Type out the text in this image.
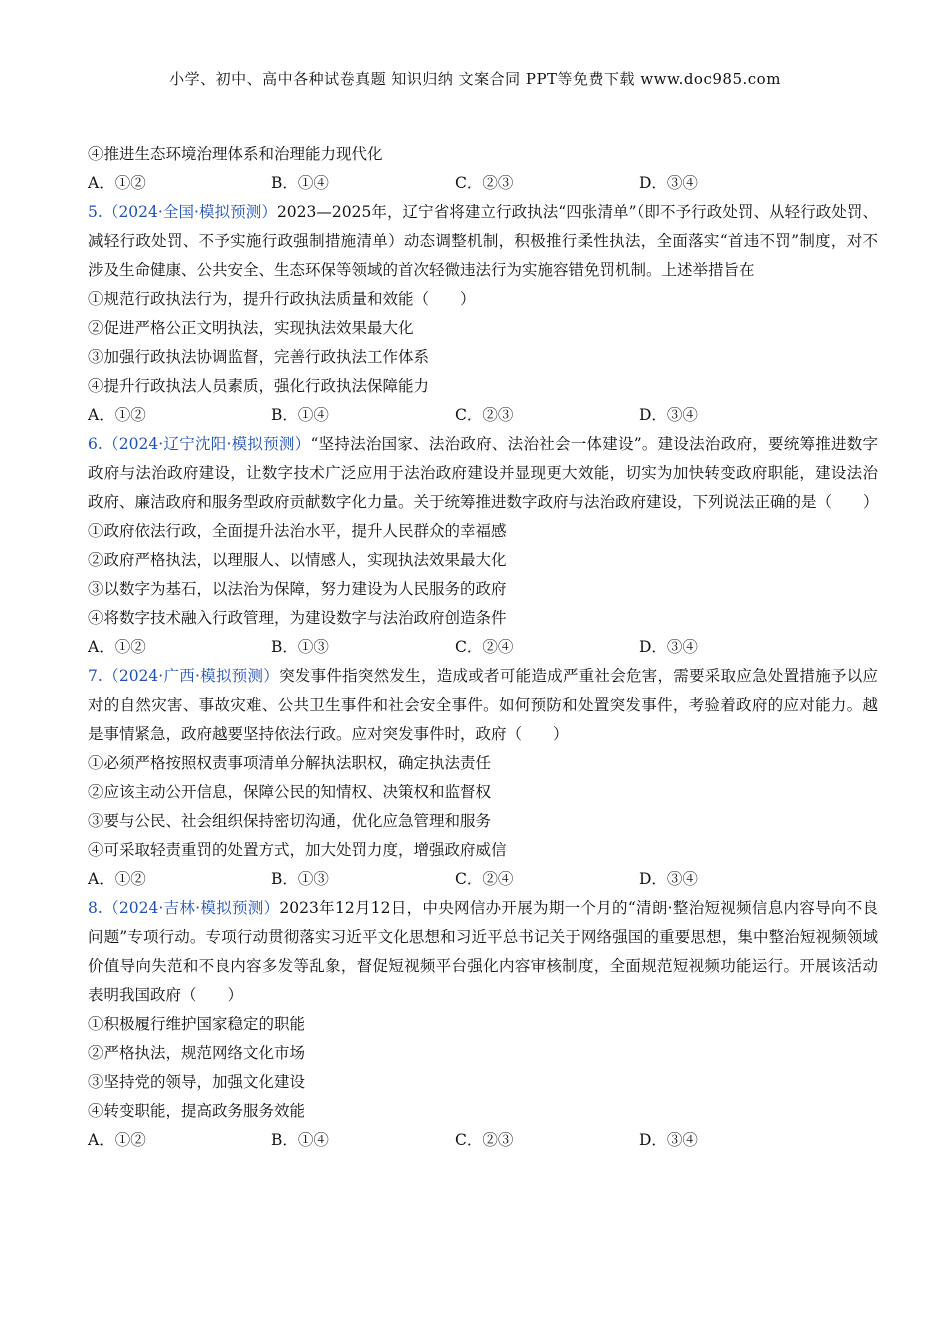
小学、初中、高中各种试卷真题 知识归纳 文案合同 PPT等免费下载 www.doc985.com
④推进生态环境治理体系和治理能力现代化
A．①②	B．①④	C．②③	D．③④
5.（2024·全国·模拟预测）2023—2025年，辽宁省将建立行政执法“四张清单”（即不予行政处罚、从轻行政处罚、减轻行政处罚、不予实施行政强制措施清单）动态调整机制，积极推行柔性执法，全面落实“首违不罚”制度，对不涉及生命健康、公共安全、生态环保等领域的首次轻微违法行为实施容错免罚机制。上述举措旨在
①规范行政执法行为，提升行政执法质量和效能（　　）
②促进严格公正文明执法，实现执法效果最大化
③加强行政执法协调监督，完善行政执法工作体系
④提升行政执法人员素质，强化行政执法保障能力
A．①②	B．①④	C．②③	D．③④
6.（2024·辽宁沈阳·模拟预测）“坚持法治国家、法治政府、法治社会一体建设”。建设法治政府，要统筹推进数字政府与法治政府建设，让数字技术广泛应用于法治政府建设并显现更大效能，切实为加快转变政府职能，建设法治政府、廉洁政府和服务型政府贡献数字化力量。关于统筹推进数字政府与法治政府建设，下列说法正确的是（　　）
①政府依法行政，全面提升法治水平，提升人民群众的幸福感
②政府严格执法，以理服人、以情感人，实现执法效果最大化
③以数字为基石，以法治为保障，努力建设为人民服务的政府
④将数字技术融入行政管理，为建设数字与法治政府创造条件
A．①②	B．①③	C．②④	D．③④
7.（2024·广西·模拟预测）突发事件指突然发生，造成或者可能造成严重社会危害，需要采取应急处置措施予以应对的自然灾害、事故灾难、公共卫生事件和社会安全事件。如何预防和处置突发事件，考验着政府的应对能力。越是事情紧急，政府越要坚持依法行政。应对突发事件时，政府（　　）
①必须严格按照权责事项清单分解执法职权，确定执法责任
②应该主动公开信息，保障公民的知情权、决策权和监督权
③要与公民、社会组织保持密切沟通，优化应急管理和服务
④可采取轻责重罚的处置方式，加大处罚力度，增强政府威信
A．①②	B．①③	C．②④	D．③④
8.（2024·吉林·模拟预测）2023年12月12日，中央网信办开展为期一个月的“清朗·整治短视频信息内容导向不良问题”专项行动。专项行动贯彻落实习近平文化思想和习近平总书记关于网络强国的重要思想，集中整治短视频领域价值导向失范和不良内容多发等乱象，督促短视频平台强化内容审核制度，全面规范短视频功能运行。开展该活动表明我国政府（　　）
①积极履行维护国家稳定的职能
②严格执法，规范网络文化市场
③坚持党的领导，加强文化建设
④转变职能，提高政务服务效能
A．①②	B．①④	C．②③	D．③④
